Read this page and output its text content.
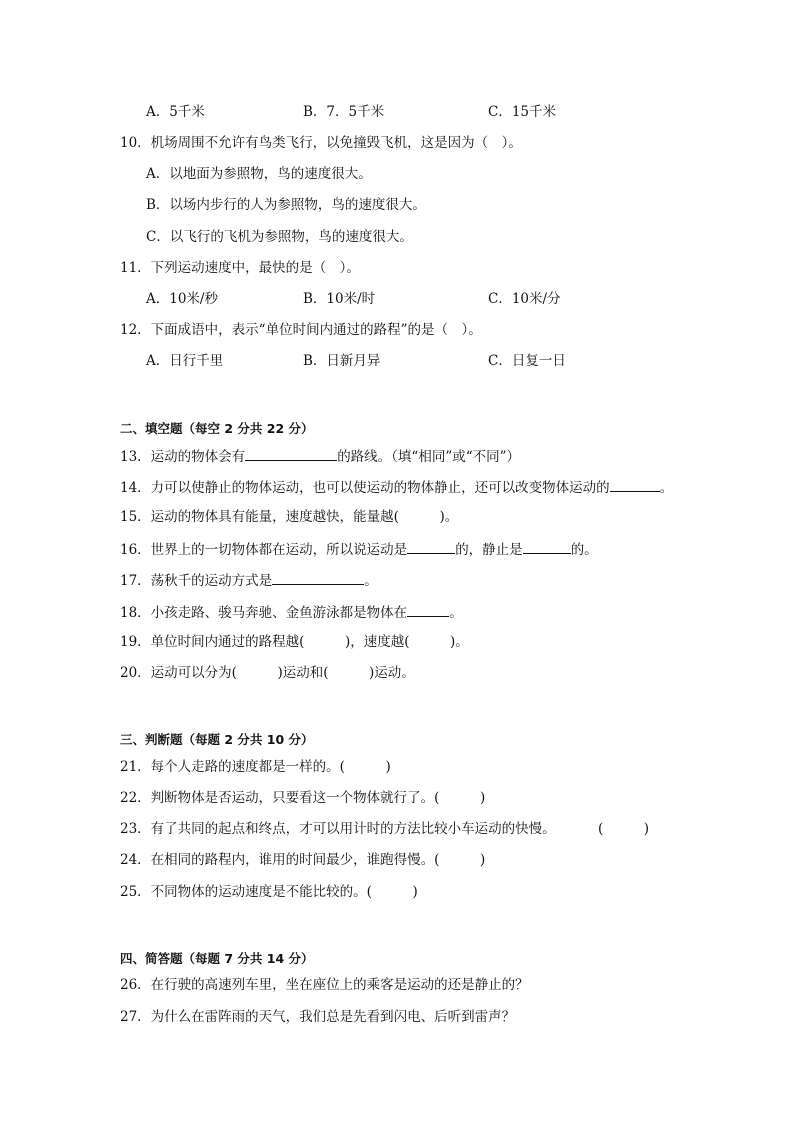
A．5千米	B．7．5千米	C．15千米
10．机场周围不允许有鸟类飞行，以免撞毁飞机，这是因为（　）。
A．以地面为参照物，鸟的速度很大。
B．以场内步行的人为参照物，鸟的速度很大。
C．以飞行的飞机为参照物，鸟的速度很大。
11．下列运动速度中，最快的是（　）。
A．10米/秒	B．10米/时	C．10米/分
12．下面成语中，表示“单位时间内通过的路程”的是（　）。
A．日行千里	B．日新月异	C．日复一日
二、填空题（每空 2 分共 22 分）
13．运动的物体会有	的路线。（填“相同”或“不同”）
14．力可以使静止的物体运动，也可以使运动的物体静止，还可以改变物体运动的	。
15．运动的物体具有能量，速度越快，能量越(　　　)。
16．世界上的一切物体都在运动，所以说运动是	的，静止是	的。
17．荡秋千的运动方式是	。
18．小孩走路、骏马奔驰、金鱼游泳都是物体在	。
19．单位时间内通过的路程越(　　　)，速度越(　　　)。
20．运动可以分为(　　　)运动和(　　　)运动。
三、判断题（每题 2 分共 10 分）
21．每个人走路的速度都是一样的。(　　　)
22．判断物体是否运动，只要看这一个物体就行了。(　　　)
23．有了共同的起点和终点，才可以用计时的方法比较小车运动的快慢。	(　　　)
24．在相同的路程内，谁用的时间最少，谁跑得慢。(　　　)
25．不同物体的运动速度是不能比较的。(　　　)
四、简答题（每题 7 分共 14 分）
26．在行驶的高速列车里，坐在座位上的乘客是运动的还是静止的？
27．为什么在雷阵雨的天气，我们总是先看到闪电、后听到雷声？
